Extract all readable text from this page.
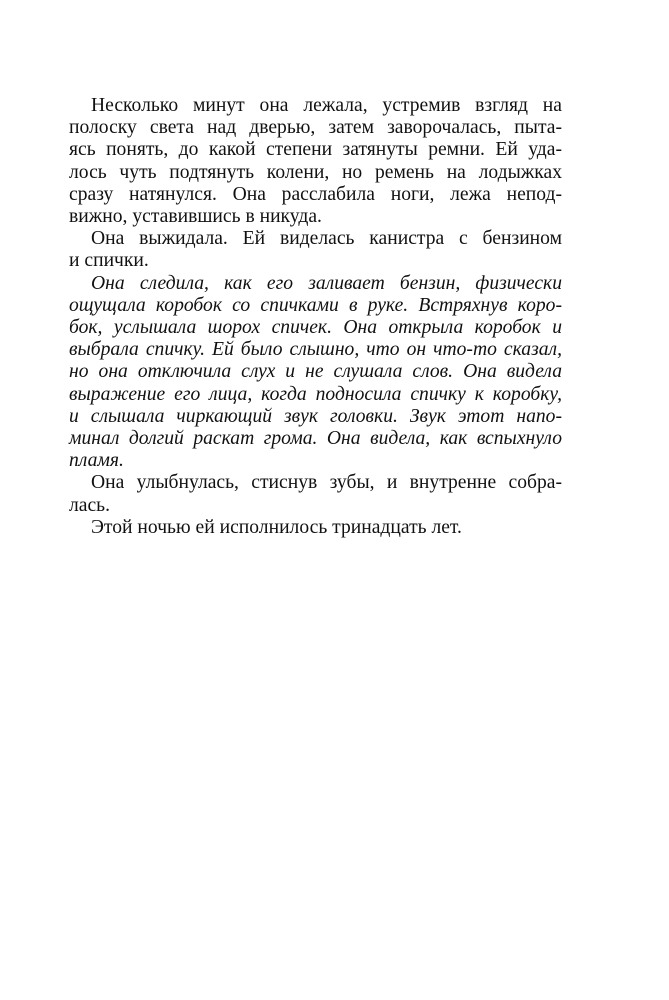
Несколько минут она лежала, устремив взгляд на
полоску света над дверью, затем заворочалась, пыта-
ясь понять, до какой степени затянуты ремни. Ей уда-
лось чуть подтянуть колени, но ремень на лодыжках
сразу натянулся. Она расслабила ноги, лежа непод-
вижно, уставившись в никуда.

Она выжидала. Ей виделась канистра с бензином
и спички.

Она следила, как его заливает бензин, физически
ощущала коробок со спичками в руке. Встряхнув коро-
бок, услышала шорох спичек. Она открыла коробок и
выбрала спичку. Ей было слышно, что он что-то сказал,
но она отключила слух и не слушала слов. Она видела
выражение его лица, когда подносила спичку к коробку,
и слышала чиркающий звук головки. Звук этот напо-
минал долгий раскат грома. Она видела, как вспыхнуло
пламя.

Она улыбнулась, стиснув зубы, и внутренне собра-
лась.

Этой ночью ей исполнилось тринадцать лет.
